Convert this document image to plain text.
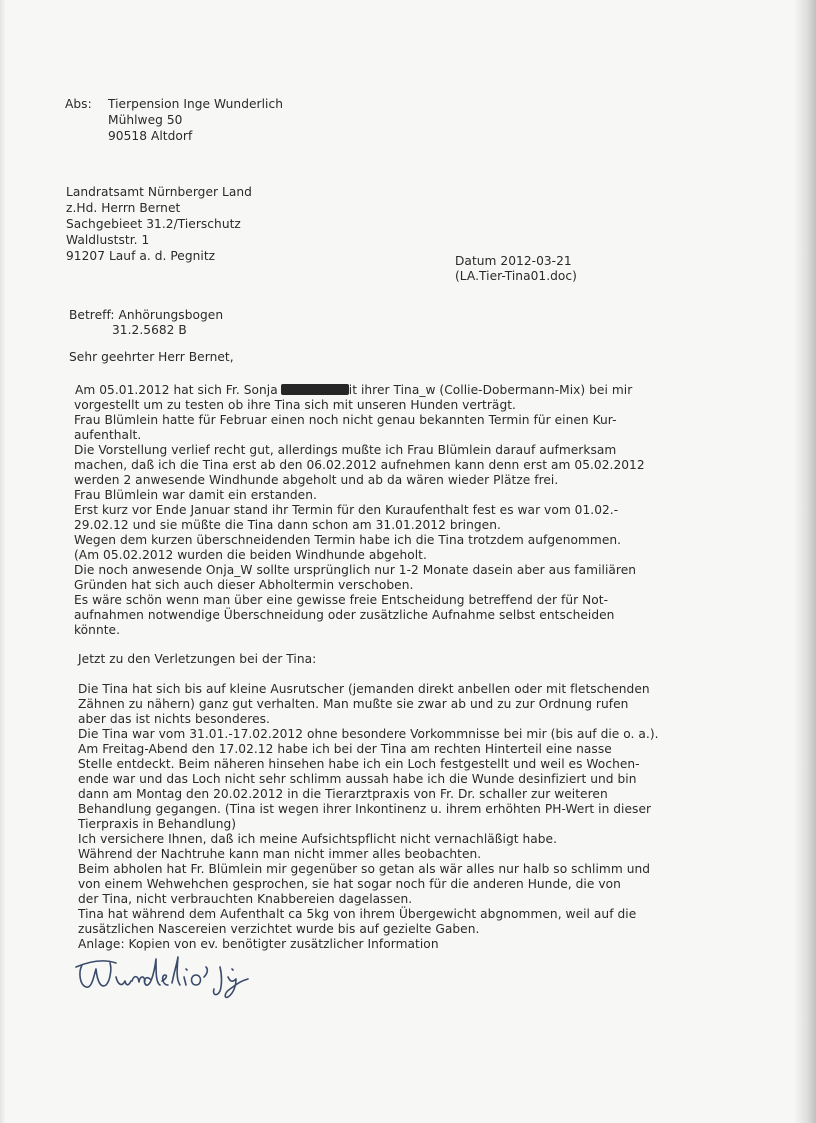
Abs: Tierpension Inge Wunderlich
Mühlweg 50
90518 Altdorf
Landratsamt Nürnberger Land
z.Hd. Herrn Bernet
Sachgebieet 31.2/Tierschutz
Waldluststr. 1
91207 Lauf a. d. Pegnitz	Datum 2012-03-21
(LA.Tier-Tina01.doc)
Betreff: Anhörungsbogen
31.2.5682 B
Sehr geehrter Herr Bernet,
Am 05.01.2012 hat sich Fr. Sonja	it ihrer Tina_w (Collie-Dobermann-Mix) bei mir
vorgestellt um zu testen ob ihre Tina sich mit unseren Hunden verträgt.
Frau Blümlein hatte für Februar einen noch nicht genau bekannten Termin für einen Kur-
aufenthalt.
Die Vorstellung verlief recht gut, allerdings mußte ich Frau Blümlein darauf aufmerksam
machen, daß ich die Tina erst ab den 06.02.2012 aufnehmen kann denn erst am 05.02.2012
werden 2 anwesende Windhunde abgeholt und ab da wären wieder Plätze frei.
Frau Blümlein war damit ein erstanden.
Erst kurz vor Ende Januar stand ihr Termin für den Kuraufenthalt fest es war vom 01.02.-
29.02.12 und sie müßte die Tina dann schon am 31.01.2012 bringen.
Wegen dem kurzen überschneidenden Termin habe ich die Tina trotzdem aufgenommen.
(Am 05.02.2012 wurden die beiden Windhunde abgeholt.
Die noch anwesende Onja_W sollte ursprünglich nur 1-2 Monate dasein aber aus familiären
Gründen hat sich auch dieser Abholtermin verschoben.
Es wäre schön wenn man über eine gewisse freie Entscheidung betreffend der für Not-
aufnahmen notwendige Überschneidung oder zusätzliche Aufnahme selbst entscheiden
könnte.
Jetzt zu den Verletzungen bei der Tina:
Die Tina hat sich bis auf kleine Ausrutscher (jemanden direkt anbellen oder mit fletschenden
Zähnen zu nähern) ganz gut verhalten. Man mußte sie zwar ab und zu zur Ordnung rufen
aber das ist nichts besonderes.
Die Tina war vom 31.01.-17.02.2012 ohne besondere Vorkommnisse bei mir (bis auf die o. a.).
Am Freitag-Abend den 17.02.12 habe ich bei der Tina am rechten Hinterteil eine nasse
Stelle entdeckt. Beim näheren hinsehen habe ich ein Loch festgestellt und weil es Wochen-
ende war und das Loch nicht sehr schlimm aussah habe ich die Wunde desinfiziert und bin
dann am Montag den 20.02.2012 in die Tierarztpraxis von Fr. Dr. schaller zur weiteren
Behandlung gegangen. (Tina ist wegen ihrer Inkontinenz u. ihrem erhöhten PH-Wert in dieser
Tierpraxis in Behandlung)
Ich versichere Ihnen, daß ich meine Aufsichtspflicht nicht vernachläßigt habe.
Während der Nachtruhe kann man nicht immer alles beobachten.
Beim abholen hat Fr. Blümlein mir gegenüber so getan als wär alles nur halb so schlimm und
von einem Wehwehchen gesprochen, sie hat sogar noch für die anderen Hunde, die von
der Tina, nicht verbrauchten Knabbereien dagelassen.
Tina hat während dem Aufenthalt ca 5kg von ihrem Übergewicht abgnommen, weil auf die
zusätzlichen Nascereien verzichtet wurde bis auf gezielte Gaben.
Anlage: Kopien von ev. benötigter zusätzlicher Information
